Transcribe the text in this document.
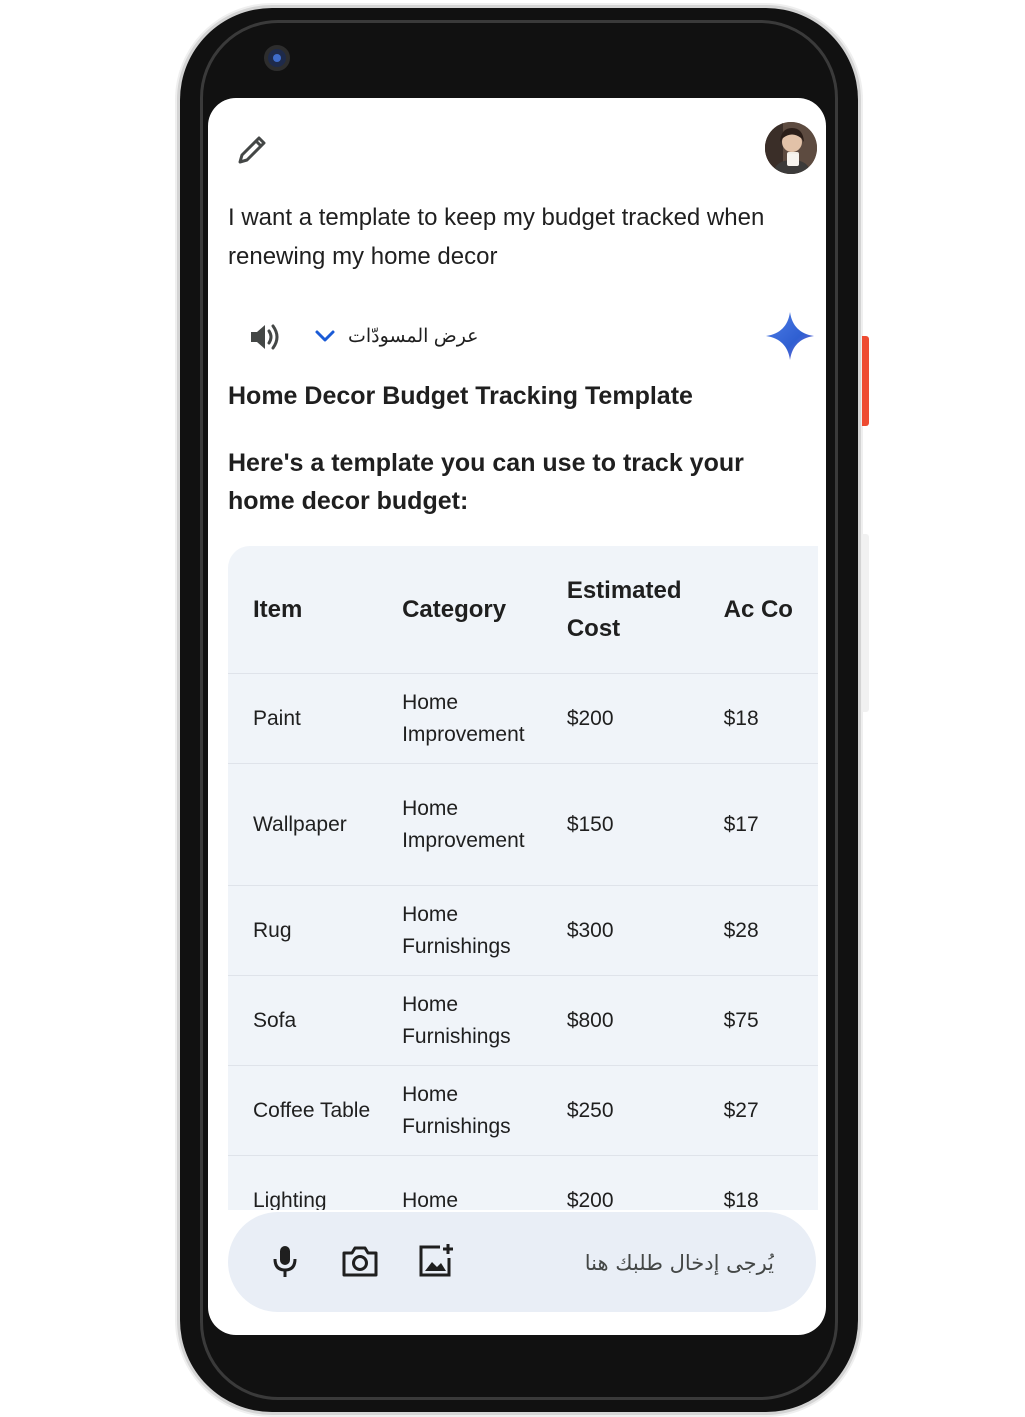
I want a template to keep my budget tracked when renewing my home decor
عرض المسودّات
Home Decor Budget Tracking Template
Here's a template you can use to track your home decor budget:
Item	Category	Estimated Cost	Ac Co
Paint	Home Improvement	$200	$18
Wallpaper	Home Improvement	$150	$17
Rug	Home Furnishings	$300	$28
Sofa	Home Furnishings	$800	$75
Coffee Table	Home Furnishings	$250	$27
Lighting	Home	$200	$18
يُرجى إدخال طلبك هنا
